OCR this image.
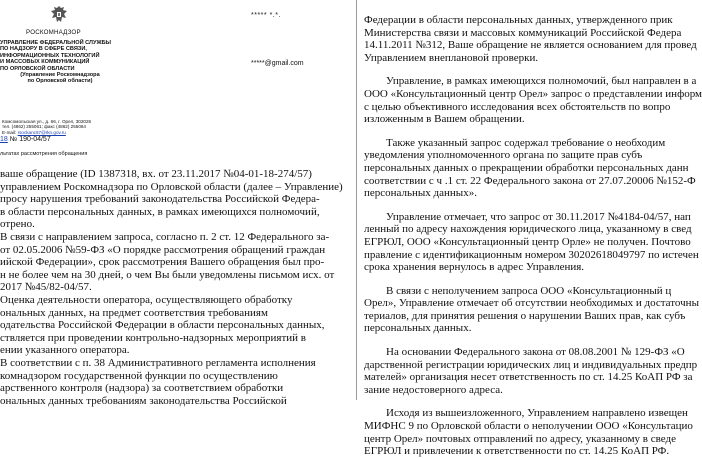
РОСКОМНАДЗОР
УПРАВЛЕНИЕ ФЕДЕРАЛЬНОЙ СЛУЖБЫ
ПО НАДЗОРУ В СФЕРЕ СВЯЗИ,
ИНФОРМАЦИОННЫХ ТЕХНОЛОГИЙ
И МАССОВЫХ КОММУНИКАЦИЙ
ПО ОРЛОВСКОЙ ОБЛАСТИ
(Управление Роскомнадзора
по Орловской области)
Комсомольская ул., д. 66, г. Орел, 302026
тел. (4862) 255061; факс (4862) 255064
E-mail: rsockanc57@rkn.gov.ru
***** *.*.
*****@gmail.com
18 № 190-04/57
льтатах рассмотрения обращения
ваше обращение (ID 1387318, вх. от 23.11.2017 №04-01-18-274/57)
управлением Роскомнадзора по Орловской области (далее – Управление)
просу нарушения требований законодательства Российской Федера-
в области персональных данных, в рамках имеющихся полномочий,
отрено.
В связи с направлением запроса, согласно п. 2 ст. 12 Федерального за-
от 02.05.2006 №59-ФЗ «О порядке рассмотрения обращений граждан
ийской Федерации», срок рассмотрения Вашего обращения был про-
н не более чем на 30 дней, о чем Вы были уведомлены письмом исх. от
2017 №45/82-04/57.
Оценка деятельности оператора, осуществляющего обработку
ональных данных, на предмет соответствия требованиям
одательства Российской Федерации в области персональных данных,
ствляется при проведении контрольно-надзорных мероприятий в
ении указанного оператора.
В соответствии с п. 38 Административного регламента исполнения
комнадзором государственной функции по осуществлению
арственного контроля (надзора) за соответствием обработки
ональных данных требованиям законодательства Российской

Федерации в области персональных данных, утвержденного прик
Министерства связи и массовых коммуникаций Российской Федера
14.11.2011 №312, Ваше обращение не является основанием для провед
Управлением внеплановой проверки.

Управление, в рамках имеющихся полномочий, был направлен в а
ООО «Консультационный центр Орел» запрос о представлении информ
с целью объективного исследования всех обстоятельств по вопро
изложенным в Вашем обращении.

Также указанный запрос содержал требование о необходим
уведомления уполномоченного органа по защите прав субъ
персональных данных о прекращении обработки персональных данн
соответствии с ч .1 ст. 22 Федерального закона от 27.07.20006 №152-Ф
персональных данных».

Управление отмечает, что запрос от 30.11.2017 №4184-04/57, нап
ленный по адресу нахождения юридического лица, указанному в свед
ЕГРЮЛ, ООО «Консультационный центр Орле» не получен. Почтово
правление с идентификационным номером 30202618049797 по истечен
срока хранения вернулось в адрес Управления.

В связи с неполучением запроса ООО «Консультационный ц
Орел», Управление отмечает об отсутствии необходимых и достаточны
териалов, для принятия решения о нарушении Ваших прав, как субъ
персональных данных.

На основании Федерального закона от 08.08.2001 № 129-ФЗ «О
дарственной регистрации юридических лиц и индивидуальных предпр
мателей» организация несет ответственность по ст. 14.25 КоАП РФ за
зание недостоверного адреса.

Исходя из вышеизложенного, Управлением направлено извещен
МИФНС 9 по Орловской области о неполучении ООО «Консультацио
центр Орел» почтовых отправлений по адресу, указанному в сведе
ЕГРЮЛ и привлечении к ответственности по ст. 14.25 КоАП РФ.
